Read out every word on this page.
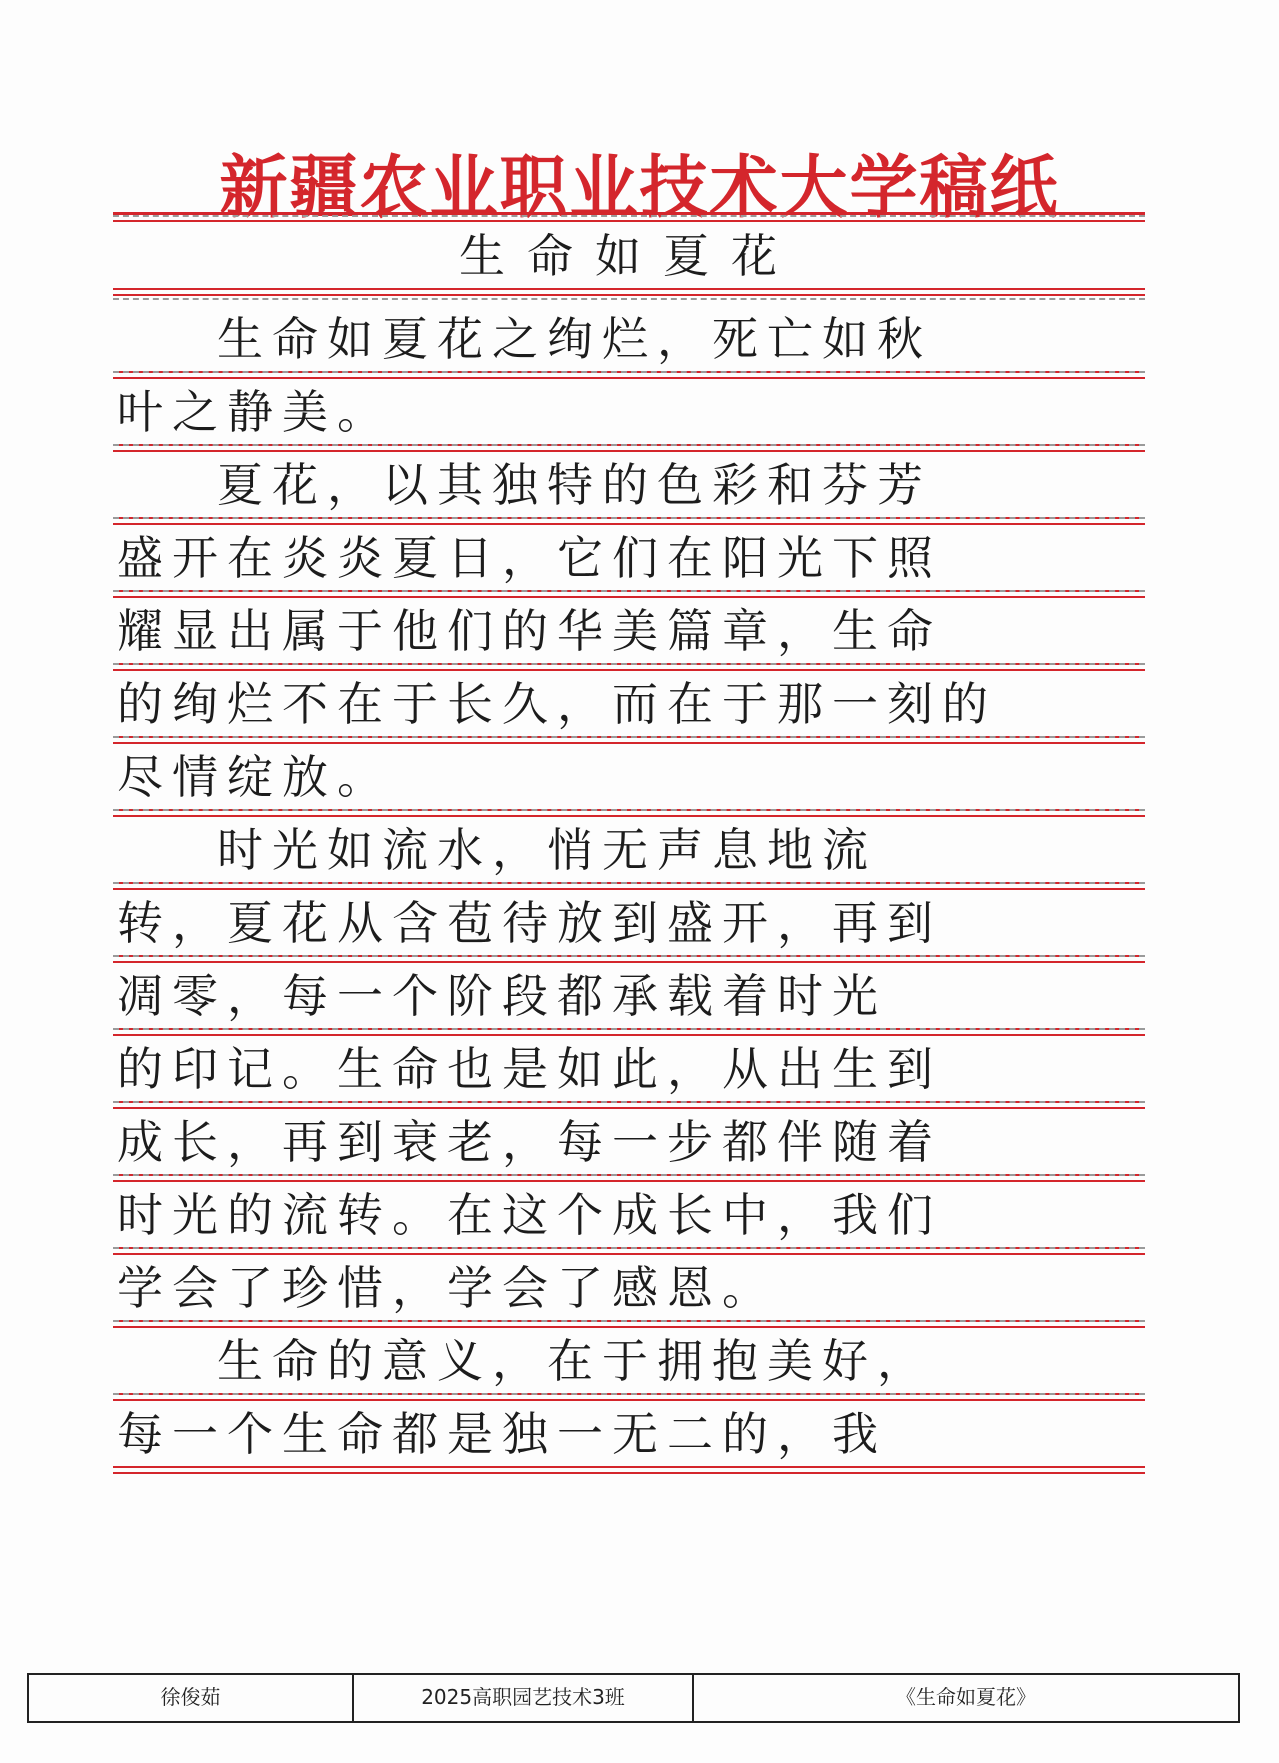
新疆农业职业技术大学稿纸
生命如夏花
生命如夏花之绚烂，死亡如秋
叶之静美。
夏花，以其独特的色彩和芬芳
盛开在炎炎夏日，它们在阳光下照
耀显出属于他们的华美篇章，生命
的绚烂不在于长久，而在于那一刻的
尽情绽放。
时光如流水，悄无声息地流
转，夏花从含苞待放到盛开，再到
凋零，每一个阶段都承载着时光
的印记。生命也是如此，从出生到
成长，再到衰老，每一步都伴随着
时光的流转。在这个成长中，我们
学会了珍惜，学会了感恩。
生命的意义，在于拥抱美好，
每一个生命都是独一无二的，我
徐俊茹	2025高职园艺技术3班	《生命如夏花》
